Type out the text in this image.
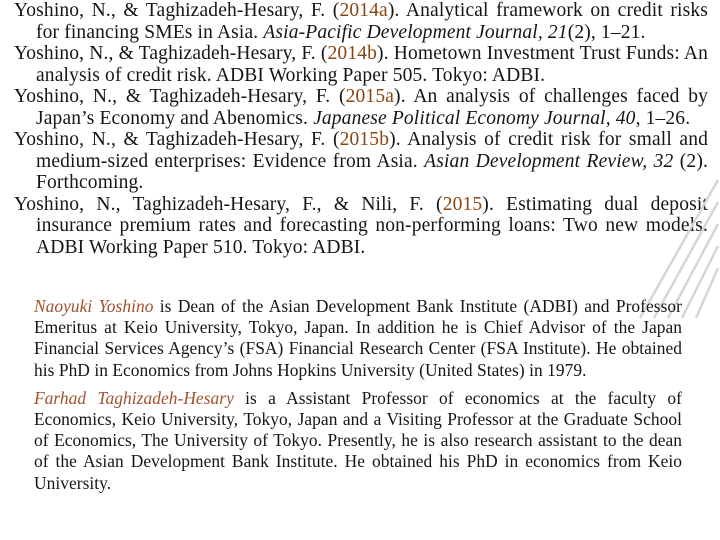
Yoshino, N., & Taghizadeh-Hesary, F. (2014a). Analytical framework on credit risks for financing SMEs in Asia. Asia-Pacific Development Journal, 21(2), 1–21.

Yoshino, N., & Taghizadeh-Hesary, F. (2014b). Hometown Investment Trust Funds: An analysis of credit risk. ADBI Working Paper 505. Tokyo: ADBI.

Yoshino, N., & Taghizadeh-Hesary, F. (2015a). An analysis of challenges faced by Japan’s Economy and Abenomics. Japanese Political Economy Journal, 40, 1–26.

Yoshino, N., & Taghizadeh-Hesary, F. (2015b). Analysis of credit risk for small and medium-sized enterprises: Evidence from Asia. Asian Development Review, 32 (2). Forthcoming.

Yoshino, N., Taghizadeh-Hesary, F., & Nili, F. (2015). Estimating dual deposit insurance premium rates and forecasting non-performing loans: Two new models. ADBI Working Paper 510. Tokyo: ADBI.

Naoyuki Yoshino is Dean of the Asian Development Bank Institute (ADBI) and Professor Emeritus at Keio University, Tokyo, Japan. In addition he is Chief Advisor of the Japan Financial Services Agency’s (FSA) Financial Research Center (FSA Institute). He obtained his PhD in Economics from Johns Hopkins University (United States) in 1979.

Farhad Taghizadeh-Hesary is a Assistant Professor of economics at the faculty of Economics, Keio University, Tokyo, Japan and a Visiting Professor at the Graduate School of Economics, The University of Tokyo. Presently, he is also research assistant to the dean of the Asian Development Bank Institute. He obtained his PhD in economics from Keio University.
